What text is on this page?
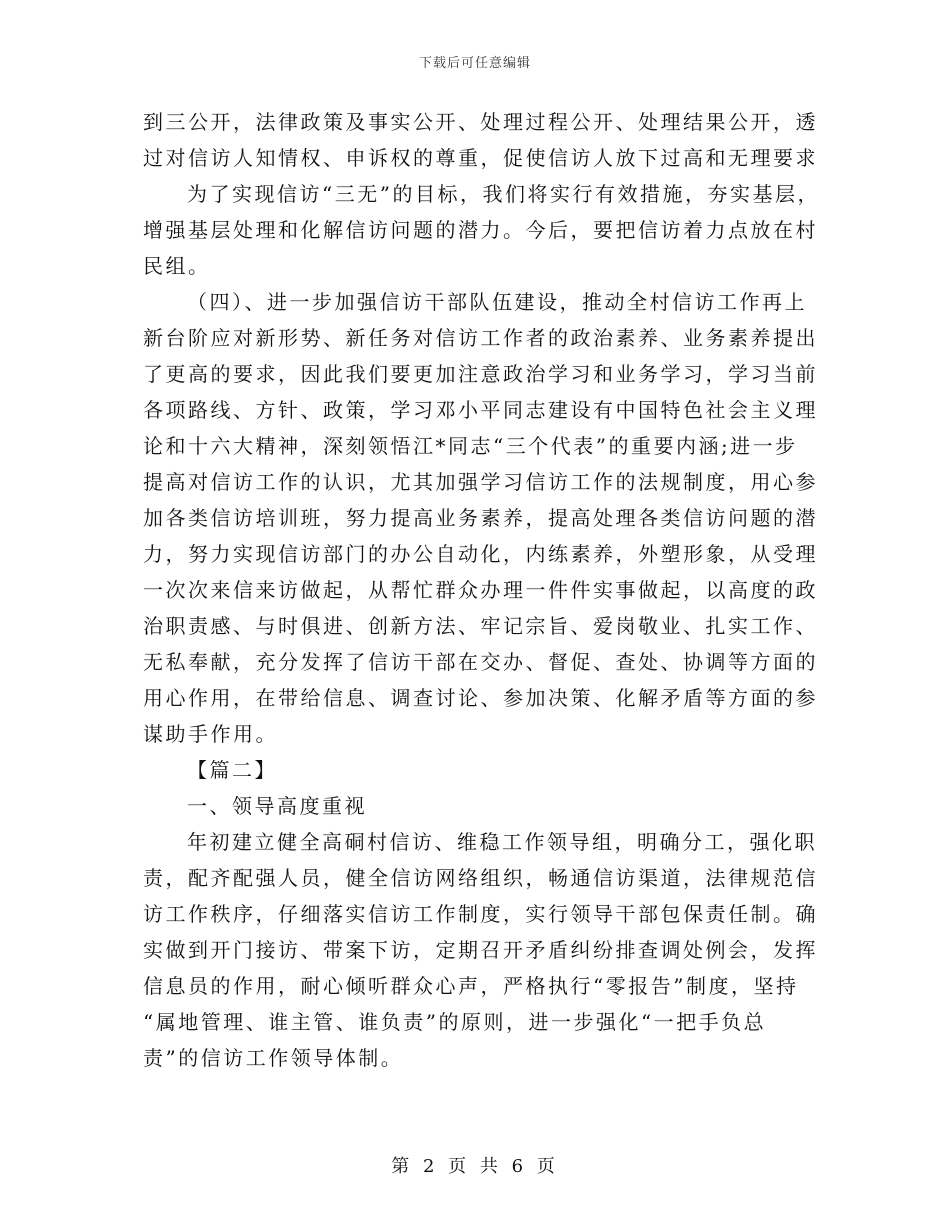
下载后可任意编辑
到三公开，法律政策及事实公开、处理过程公开、处理结果公开，透
过对信访人知情权、申诉权的尊重，促使信访人放下过高和无理要求
为了实现信访“三无”的目标，我们将实行有效措施，夯实基层，
增强基层处理和化解信访问题的潜力。今后，要把信访着力点放在村
民组。
（四）、进一步加强信访干部队伍建设，推动全村信访工作再上
新台阶应对新形势、新任务对信访工作者的政治素养、业务素养提出
了更高的要求，因此我们要更加注意政治学习和业务学习，学习当前
各项路线、方针、政策，学习邓小平同志建设有中国特色社会主义理
论和十六大精神，深刻领悟江*同志“三个代表”的重要内涵;进一步
提高对信访工作的认识，尤其加强学习信访工作的法规制度，用心参
加各类信访培训班，努力提高业务素养，提高处理各类信访问题的潜
力，努力实现信访部门的办公自动化，内练素养，外塑形象，从受理
一次次来信来访做起，从帮忙群众办理一件件实事做起，以高度的政
治职责感、与时俱进、创新方法、牢记宗旨、爱岗敬业、扎实工作、
无私奉献，充分发挥了信访干部在交办、督促、查处、协调等方面的
用心作用，在带给信息、调查讨论、参加决策、化解矛盾等方面的参
谋助手作用。
【篇二】
一、领导高度重视
年初建立健全高硐村信访、维稳工作领导组，明确分工，强化职
责，配齐配强人员，健全信访网络组织，畅通信访渠道，法律规范信
访工作秩序，仔细落实信访工作制度，实行领导干部包保责任制。确
实做到开门接访、带案下访，定期召开矛盾纠纷排查调处例会，发挥
信息员的作用，耐心倾听群众心声，严格执行“零报告”制度，坚持
“属地管理、谁主管、谁负责”的原则，进一步强化“一把手负总
责”的信访工作领导体制。
第 2 页 共 6 页
